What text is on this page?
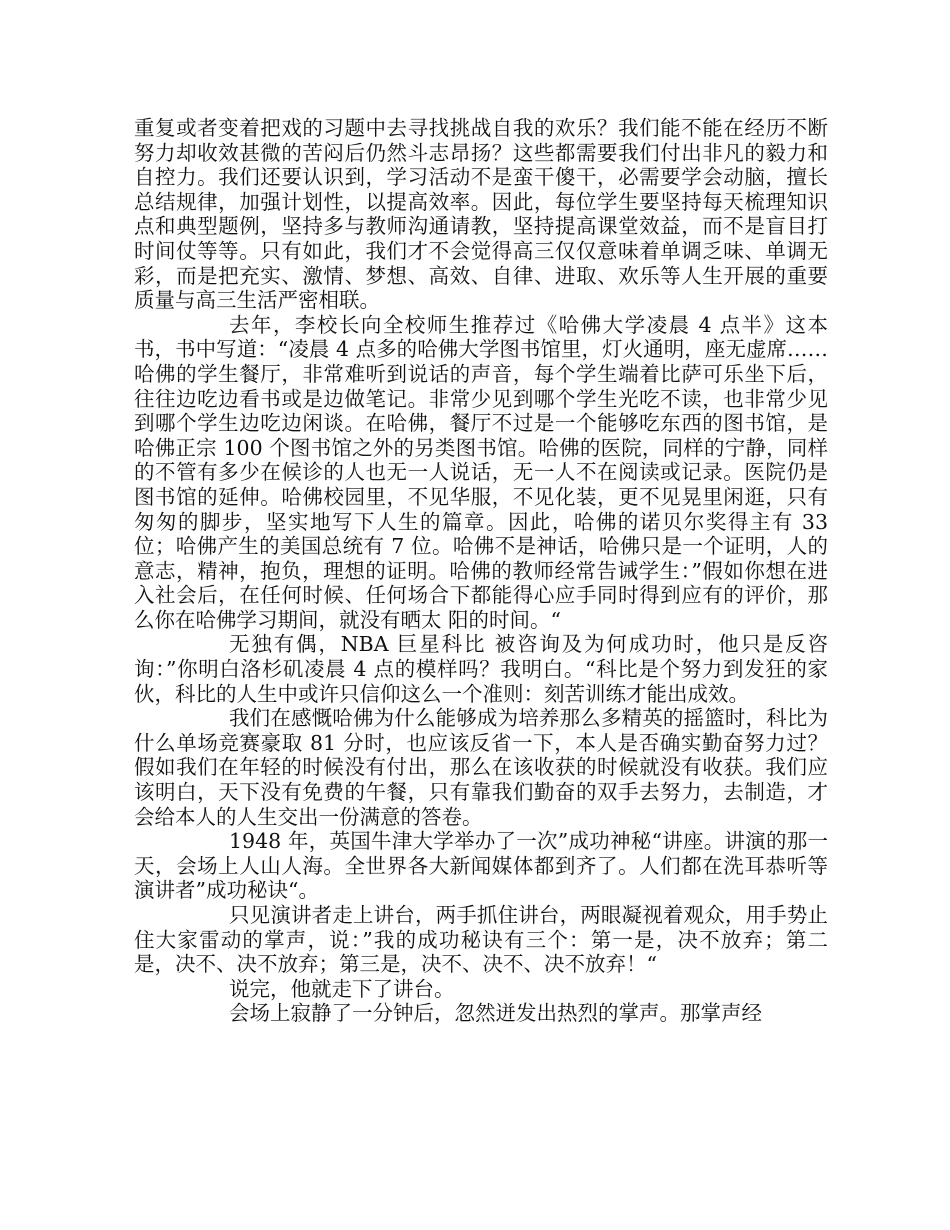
重复或者变着把戏的习题中去寻找挑战自我的欢乐？我们能不能在经历不断努力却收效甚微的苦闷后仍然斗志昂扬？这些都需要我们付出非凡的毅力和自控力。我们还要认识到，学习活动不是蛮干傻干，必需要学会动脑，擅长总结规律，加强计划性，以提高效率。因此，每位学生要坚持每天梳理知识点和典型题例，坚持多与教师沟通请教，坚持提高课堂效益，而不是盲目打时间仗等等。只有如此，我们才不会觉得高三仅仅意味着单调乏味、单调无彩，而是把充实、激情、梦想、高效、自律、进取、欢乐等人生开展的重要质量与高三生活严密相联。

去年，李校长向全校师生推荐过《哈佛大学凌晨 4 点半》这本书，书中写道：“凌晨 4 点多的哈佛大学图书馆里，灯火通明，座无虚席……哈佛的学生餐厅，非常难听到说话的声音，每个学生端着比萨可乐坐下后，往往边吃边看书或是边做笔记。非常少见到哪个学生光吃不读，也非常少见到哪个学生边吃边闲谈。在哈佛，餐厅不过是一个能够吃东西的图书馆，是哈佛正宗 100 个图书馆之外的另类图书馆。哈佛的医院，同样的宁静，同样的不管有多少在候诊的人也无一人说话，无一人不在阅读或记录。医院仍是图书馆的延伸。哈佛校园里，不见华服，不见化装，更不见晃里闲逛，只有匆匆的脚步，坚实地写下人生的篇章。因此，哈佛的诺贝尔奖得主有 33 位；哈佛产生的美国总统有 7 位。哈佛不是神话，哈佛只是一个证明，人的意志，精神，抱负，理想的证明。哈佛的教师经常告诫学生：”假如你想在进入社会后，在任何时候、任何场合下都能得心应手同时得到应有的评价，那么你在哈佛学习期间，就没有晒太 阳的时间。“

无独有偶，NBA 巨星科比 被咨询及为何成功时，他只是反咨询：”你明白洛杉矶凌晨 4 点的模样吗？我明白。“科比是个努力到发狂的家伙，科比的人生中或许只信仰这么一个准则：刻苦训练才能出成效。

我们在感慨哈佛为什么能够成为培养那么多精英的摇篮时，科比为什么单场竞赛豪取 81 分时，也应该反省一下，本人是否确实勤奋努力过？假如我们在年轻的时候没有付出，那么在该收获的时候就没有收获。我们应该明白，天下没有免费的午餐，只有靠我们勤奋的双手去努力，去制造，才会给本人的人生交出一份满意的答卷。

1948 年，英国牛津大学举办了一次”成功神秘“讲座。讲演的那一天，会场上人山人海。全世界各大新闻媒体都到齐了。人们都在洗耳恭听等演讲者”成功秘诀“。

只见演讲者走上讲台，两手抓住讲台，两眼凝视着观众，用手势止住大家雷动的掌声，说：”我的成功秘诀有三个：第一是，决不放弃；第二是，决不、决不放弃；第三是，决不、决不、决不放弃！“

说完，他就走下了讲台。

会场上寂静了一分钟后，忽然迸发出热烈的掌声。那掌声经
